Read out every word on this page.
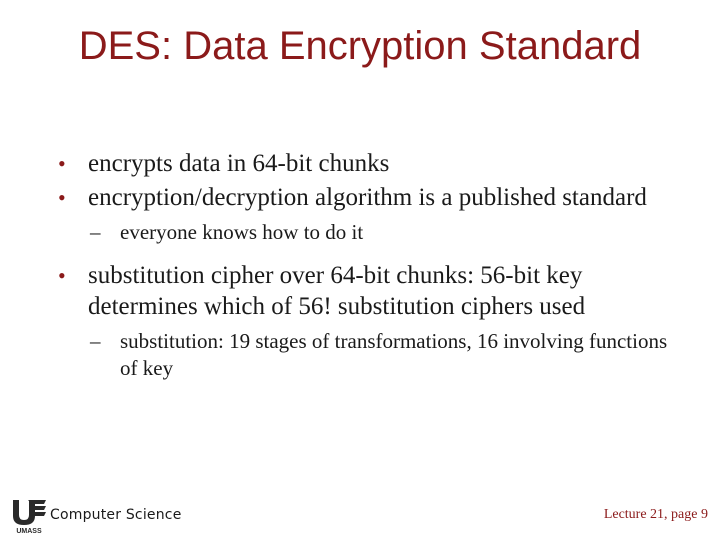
DES: Data Encryption Standard
• encrypts data in 64-bit chunks
• encryption/decryption algorithm is a published standard
– everyone knows how to do it
• substitution cipher over 64-bit chunks: 56-bit key determines which of 56! substitution ciphers used
– substitution: 19 stages of transformations, 16 involving functions of key
UMASS
Computer Science	Lecture 21, page 9
